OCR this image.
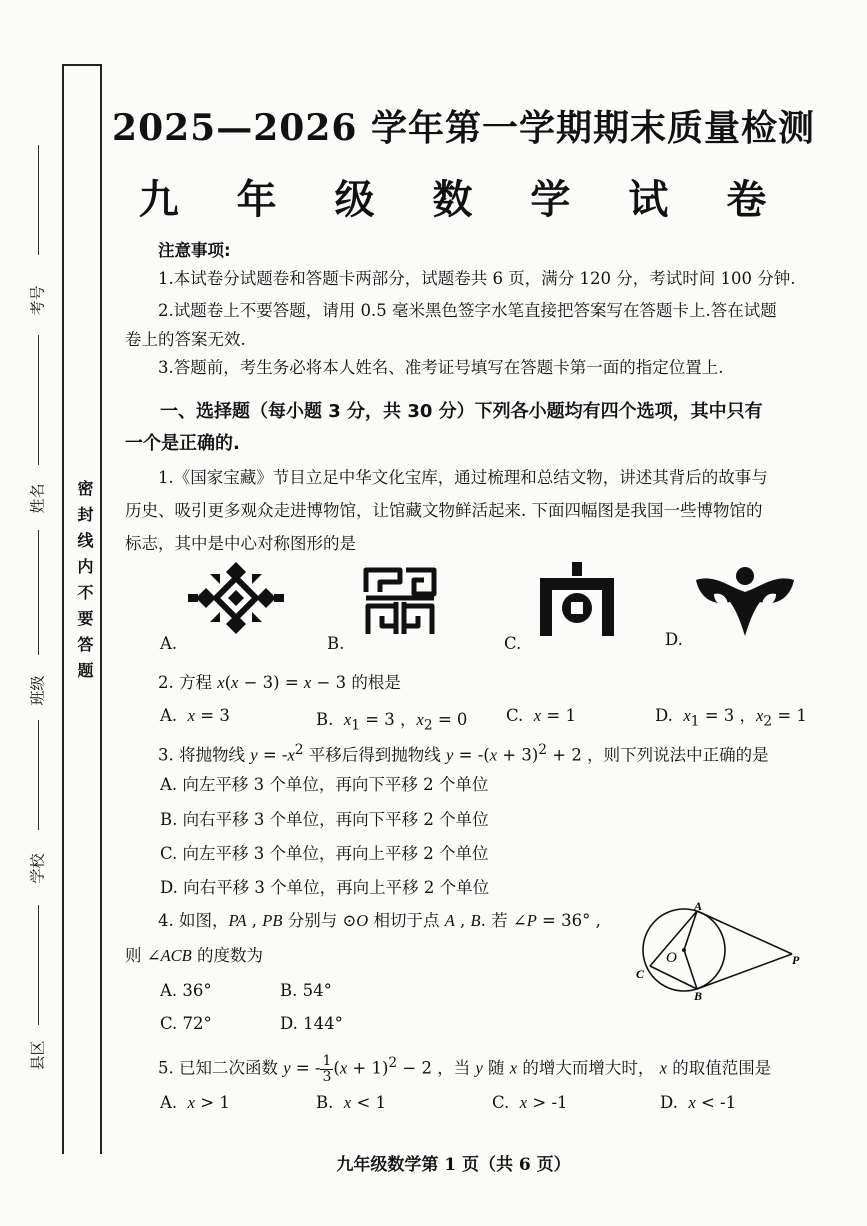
考号
姓名
班级
学校
县区
密封线内不要答题
2025—2026 学年第一学期期末质量检测
九 年 级 数 学 试 卷
注意事项:
1.本试卷分试题卷和答题卡两部分，试题卷共 6 页，满分 120 分，考试时间 100 分钟.
2.试题卷上不要答题，请用 0.5 毫米黑色签字水笔直接把答案写在答题卡上.答在试题
卷上的答案无效.
3.答题前，考生务必将本人姓名、准考证号填写在答题卡第一面的指定位置上.
一、选择题（每小题 3 分，共 30 分）下列各小题均有四个选项，其中只有
一个是正确的.
1.《国家宝藏》节目立足中华文化宝库，通过梳理和总结文物，讲述其背后的故事与
历史、吸引更多观众走进博物馆，让馆藏文物鲜活起来. 下面四幅图是我国一些博物馆的
标志，其中是中心对称图形的是
A.	B.	C.	D.
2. 方程 x(x − 3) = x − 3 的根是
A. x = 3	B. $x_1 = 3$ ，$x_2 = 0$ C. x = 1	D. $x_1 = 3$ ，$x_2 = 1$
3. 将抛物线 $y = -x^2$ 平移后得到抛物线 $y = -(x + 3)^2 + 2$ ，则下列说法中正确的是
A. 向左平移 3 个单位，再向下平移 2 个单位
B. 向右平移 3 个单位，再向下平移 2 个单位
C. 向左平移 3 个单位，再向上平移 2 个单位
D. 向右平移 3 个单位，再向上平移 2 个单位
4. 如图，PA , PB 分别与 ⊙O 相切于点 A , B. 若 ∠P = 36° ,
则 ∠ACB 的度数为
A. 36°	B. 54°
C. 72°	D. 144°
A
B
C
O	P
5. 已知二次函数 y = - $\frac{1}{3} (x + 1)^2 - 2$ ，当 y 随 x 的增大而增大时， x 的取值范围是
A. x > 1	B. x < 1	C. x > -1	D. x < -1
九年级数学第 1 页（共 6 页）
